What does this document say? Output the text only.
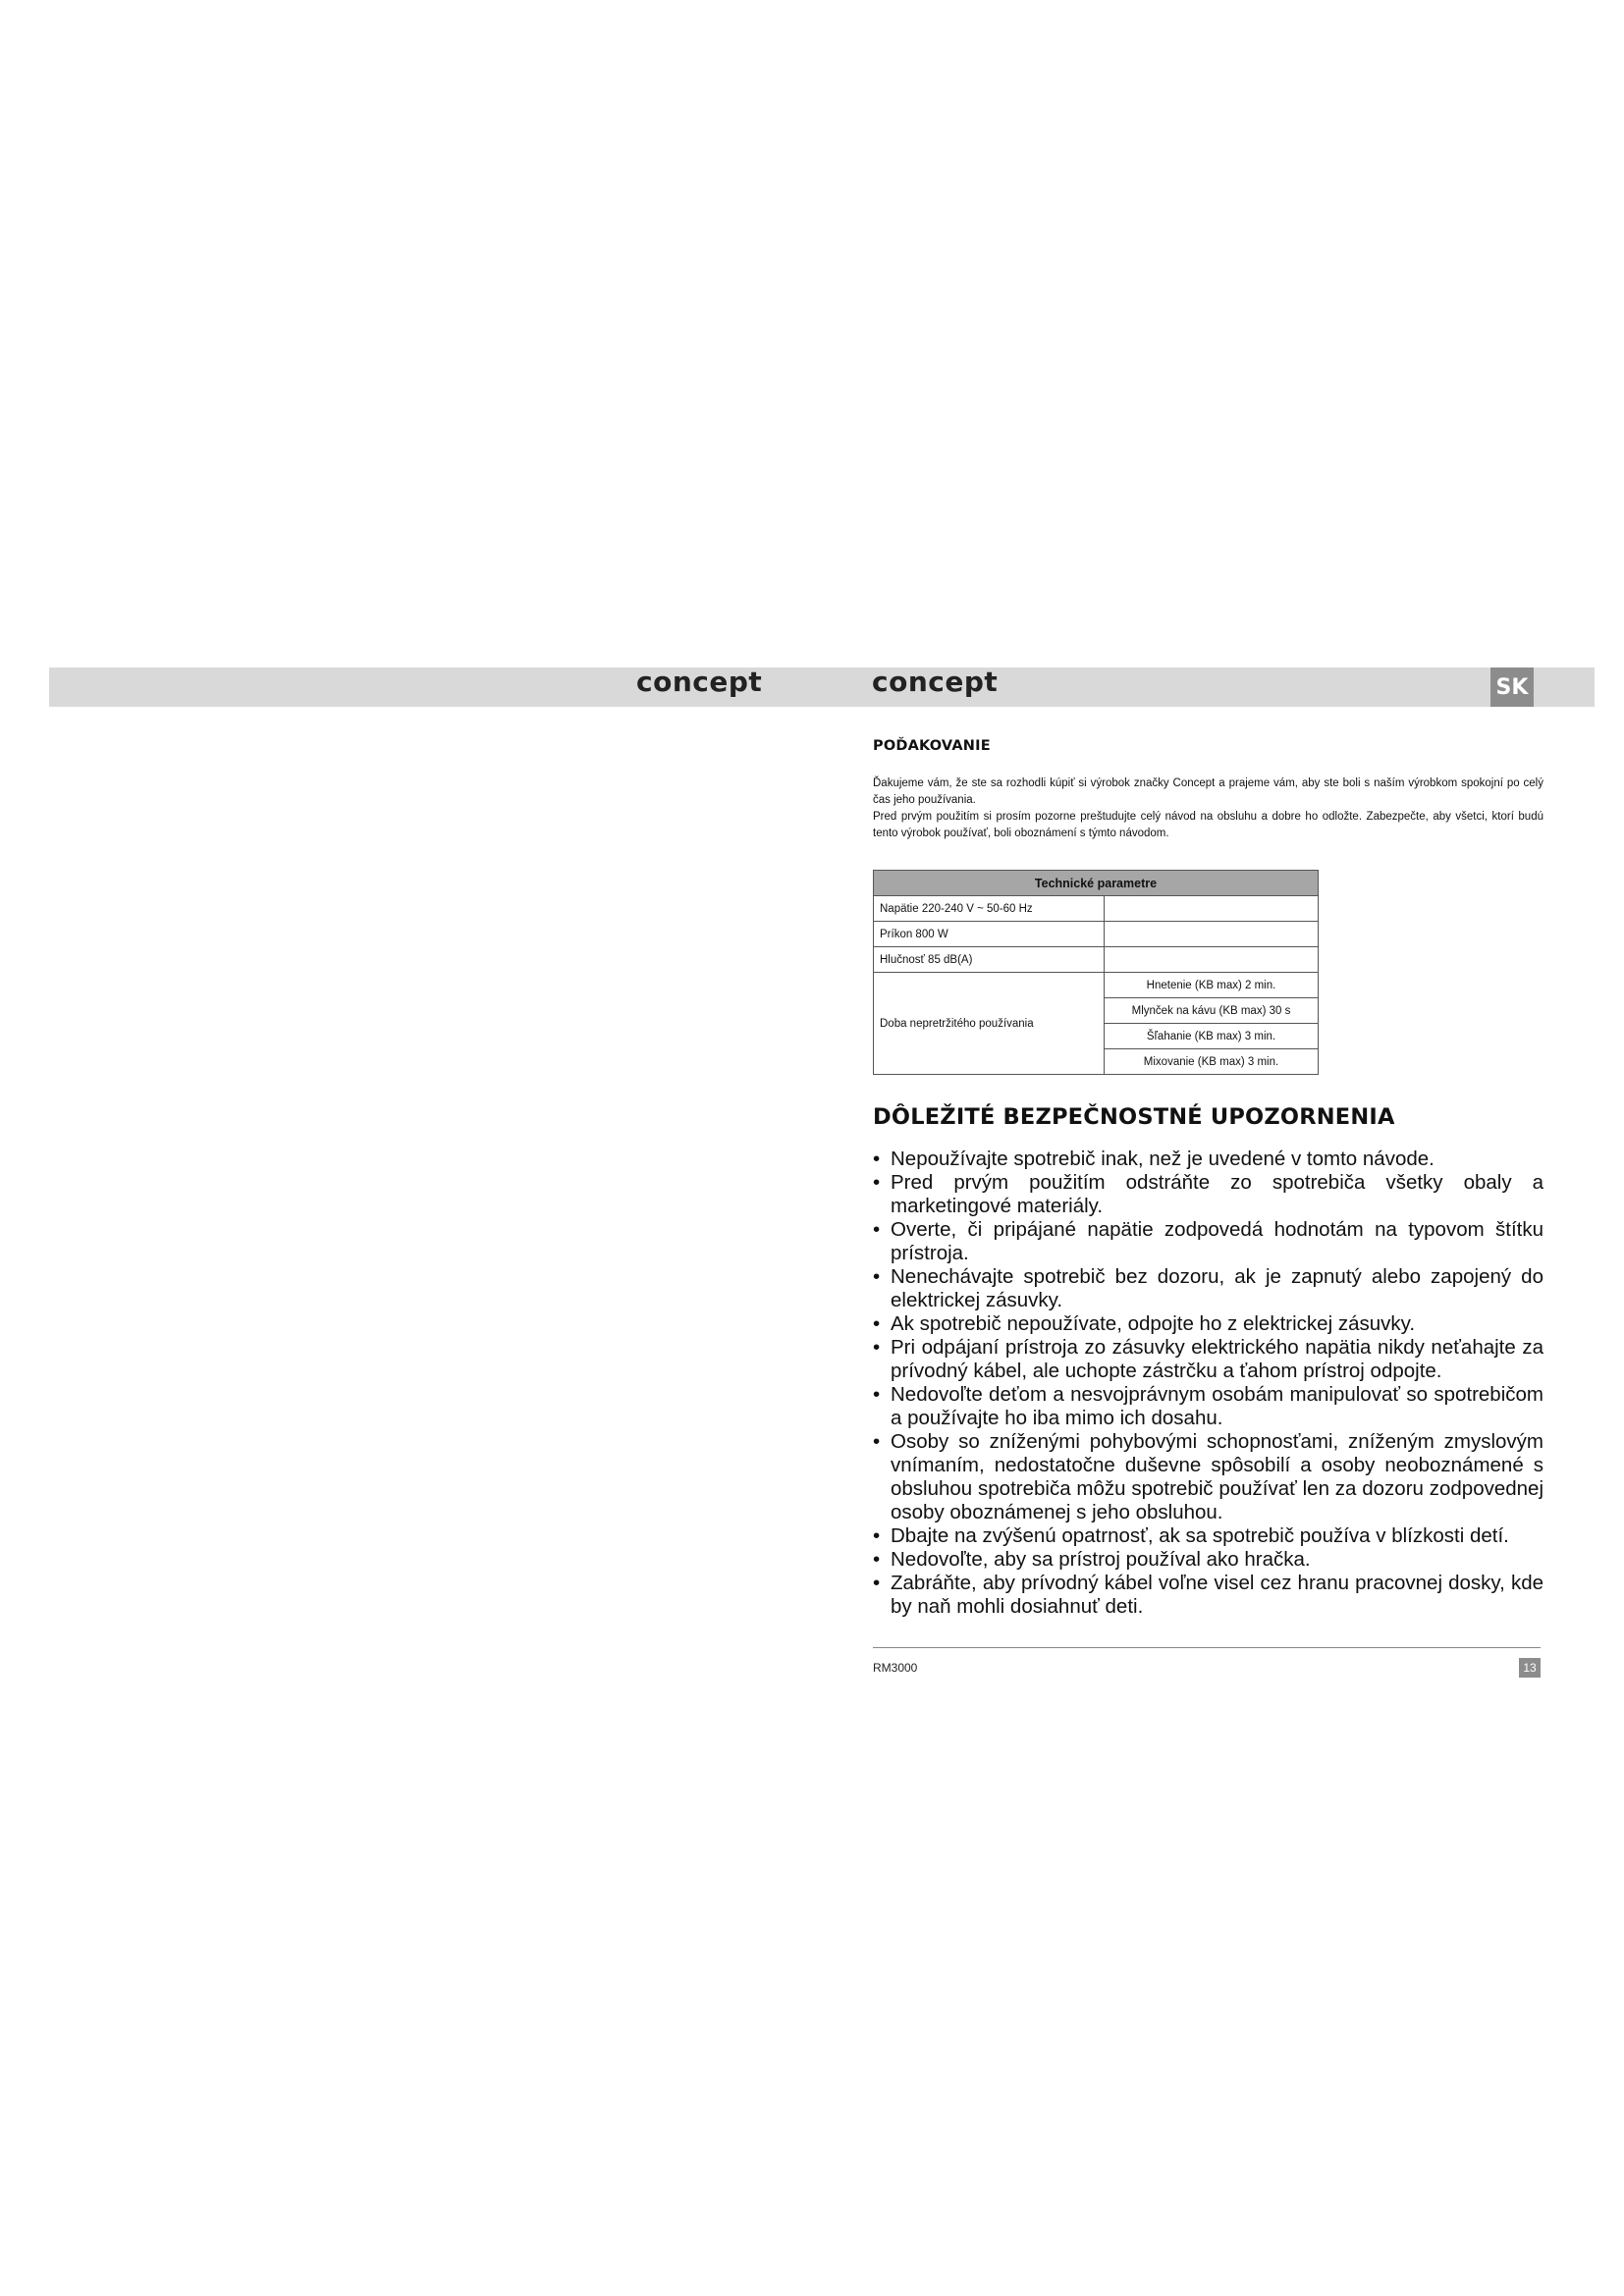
concept	concept	SK
POĎAKOVANIE

Ďakujeme vám, že ste sa rozhodli kúpiť si výrobok značky Concept a prajeme vám, aby ste boli s naším výrobkom spokojní po celý čas jeho používania.

Pred prvým použitím si prosím pozorne preštudujte celý návod na obsluhu a dobre ho odložte. Zabezpečte, aby všetci, ktorí budú tento výrobok používať, boli oboznámení s týmto návodom.

Technické parametre	
Napätie 220-240 V ~ 50-60 Hz	
Príkon 800 W	
Hlučnosť 85 dB(A)	
Doba nepretržitého používania	Hnetenie (KB max) 2 min.
	Mlynček na kávu (KB max) 30 s
	Šľahanie (KB max) 3 min.
	Mixovanie (KB max) 3 min.
DÔLEŽITÉ BEZPEČNOSTNÉ UPOZORNENIA
• Nepoužívajte spotrebič inak, než je uvedené v tomto návode.
• Pred prvým použitím odstráňte zo spotrebiča všetky obaly a marketingové materiály.
• Overte, či pripájané napätie zodpovedá hodnotám na typovom štítku prístroja.
• Nenechávajte spotrebič bez dozoru, ak je zapnutý alebo zapojený do elektrickej zásuvky.
• Ak spotrebič nepoužívate, odpojte ho z elektrickej zásuvky.
• Pri odpájaní prístroja zo zásuvky elektrického napätia nikdy neťahajte za prívodný kábel, ale uchopte zástrčku a ťahom prístroj odpojte.
• Nedovoľte deťom a nesvojprávnym osobám manipulovať so spotrebičom a používajte ho iba mimo ich dosahu.
• Osoby so zníženými pohybovými schopnosťami, zníženým zmyslovým vnímaním, nedostatočne duševne spôsobilí a osoby neoboznámené s obsluhou spotrebiča môžu spotrebič používať len za dozoru zodpovednej osoby oboznámenej s jeho obsluhou.
• Dbajte na zvýšenú opatrnosť, ak sa spotrebič používa v blízkosti detí.
• Nedovoľte, aby sa prístroj používal ako hračka.
• Zabráňte, aby prívodný kábel voľne visel cez hranu pracovnej dosky, kde by naň mohli dosiahnuť deti.
RM3000	13
